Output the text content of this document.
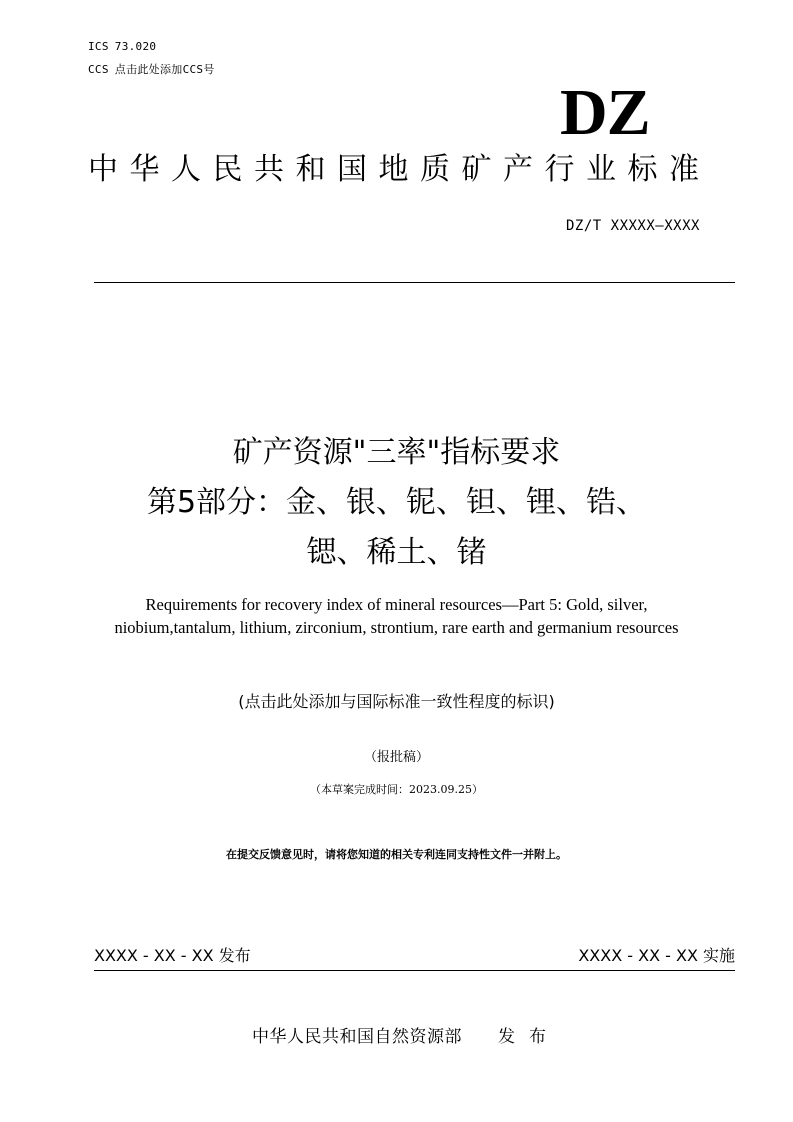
ICS 73.020
CCS 点击此处添加CCS号
DZ
中华人民共和国地质矿产行业标准
DZ/T XXXXX—XXXX
矿产资源"三率"指标要求
第5部分：金、银、铌、钽、锂、锆、
锶、稀土、锗
Requirements for recovery index of mineral resources—Part 5: Gold, silver,
niobium,tantalum, lithium, zirconium, strontium, rare earth and germanium resources
(点击此处添加与国际标准一致性程度的标识)
（报批稿）
（本草案完成时间：2023.09.25）
在提交反馈意见时，请将您知道的相关专利连同支持性文件一并附上。
XXXX - XX - XX 发布	XXXX - XX - XX 实施
中华人民共和国自然资源部 发布
